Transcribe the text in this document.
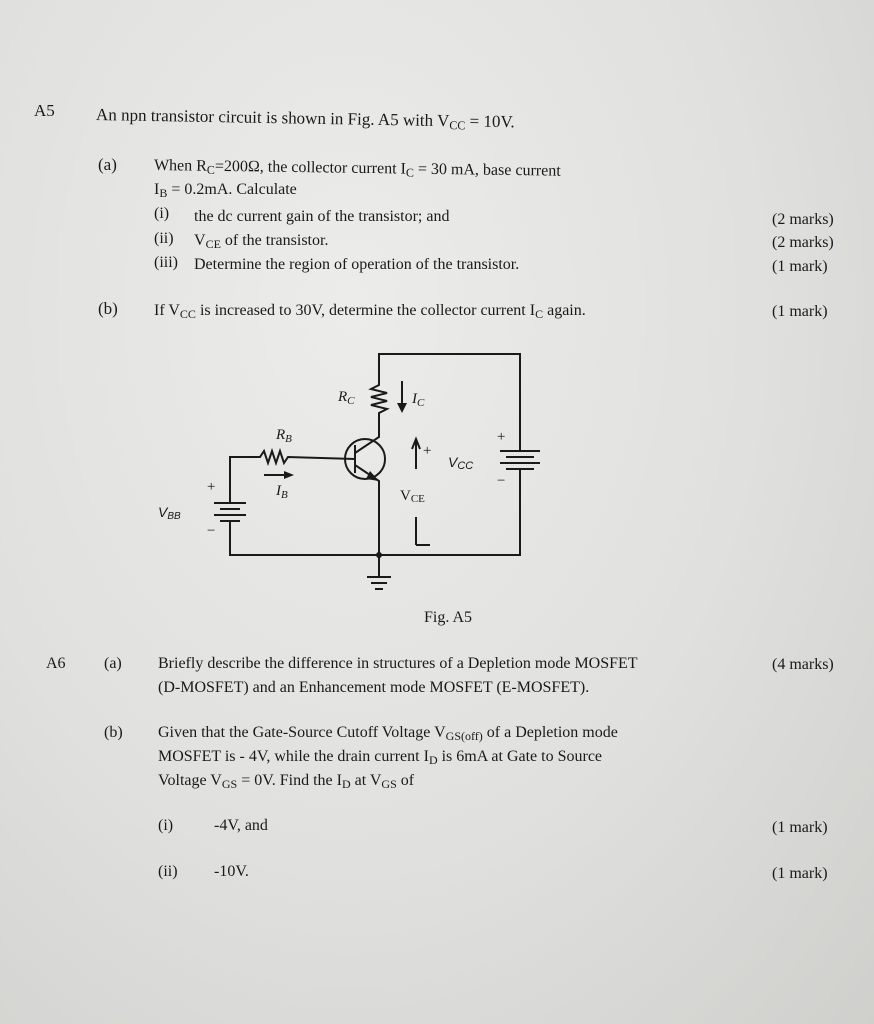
A5 An npn transistor circuit is shown in Fig. A5 with $V_{CC} = 10V$.
(a) When $R_C=200\Omega$, the collector current $I_C = 30$ mA, base current
$I_B = 0.2mA$. Calculate
(i) the dc current gain of the transistor; and	(2 marks)
(ii) $V_{CE}$ of the transistor.	(2 marks)
(iii) Determine the region of operation of the transistor.	(1 mark)
(b) If $V_{CC}$ is increased to 30V, determine the collector current $I_C$ again.	(1 mark)
$R_C$	$I_C$
$R_B$
$I_B$
+
−
VBB
+
VCE
+
−
VCC
Fig. A5
A6 (a) Briefly describe the difference in structures of a Depletion mode MOSFET
(D-MOSFET) and an Enhancement mode MOSFET (E-MOSFET).
(4 marks)
(b) Given that the Gate-Source Cutoff Voltage $V_{GS(off)}$ of a Depletion mode
MOSFET is - 4V, while the drain current $I_D$ is 6mA at Gate to Source
Voltage $V_{GS} = 0V$. Find the $I_D$ at $V_{GS}$ of
(i)	-4V, and	(1 mark)
(ii) -10V.	(1 mark)
